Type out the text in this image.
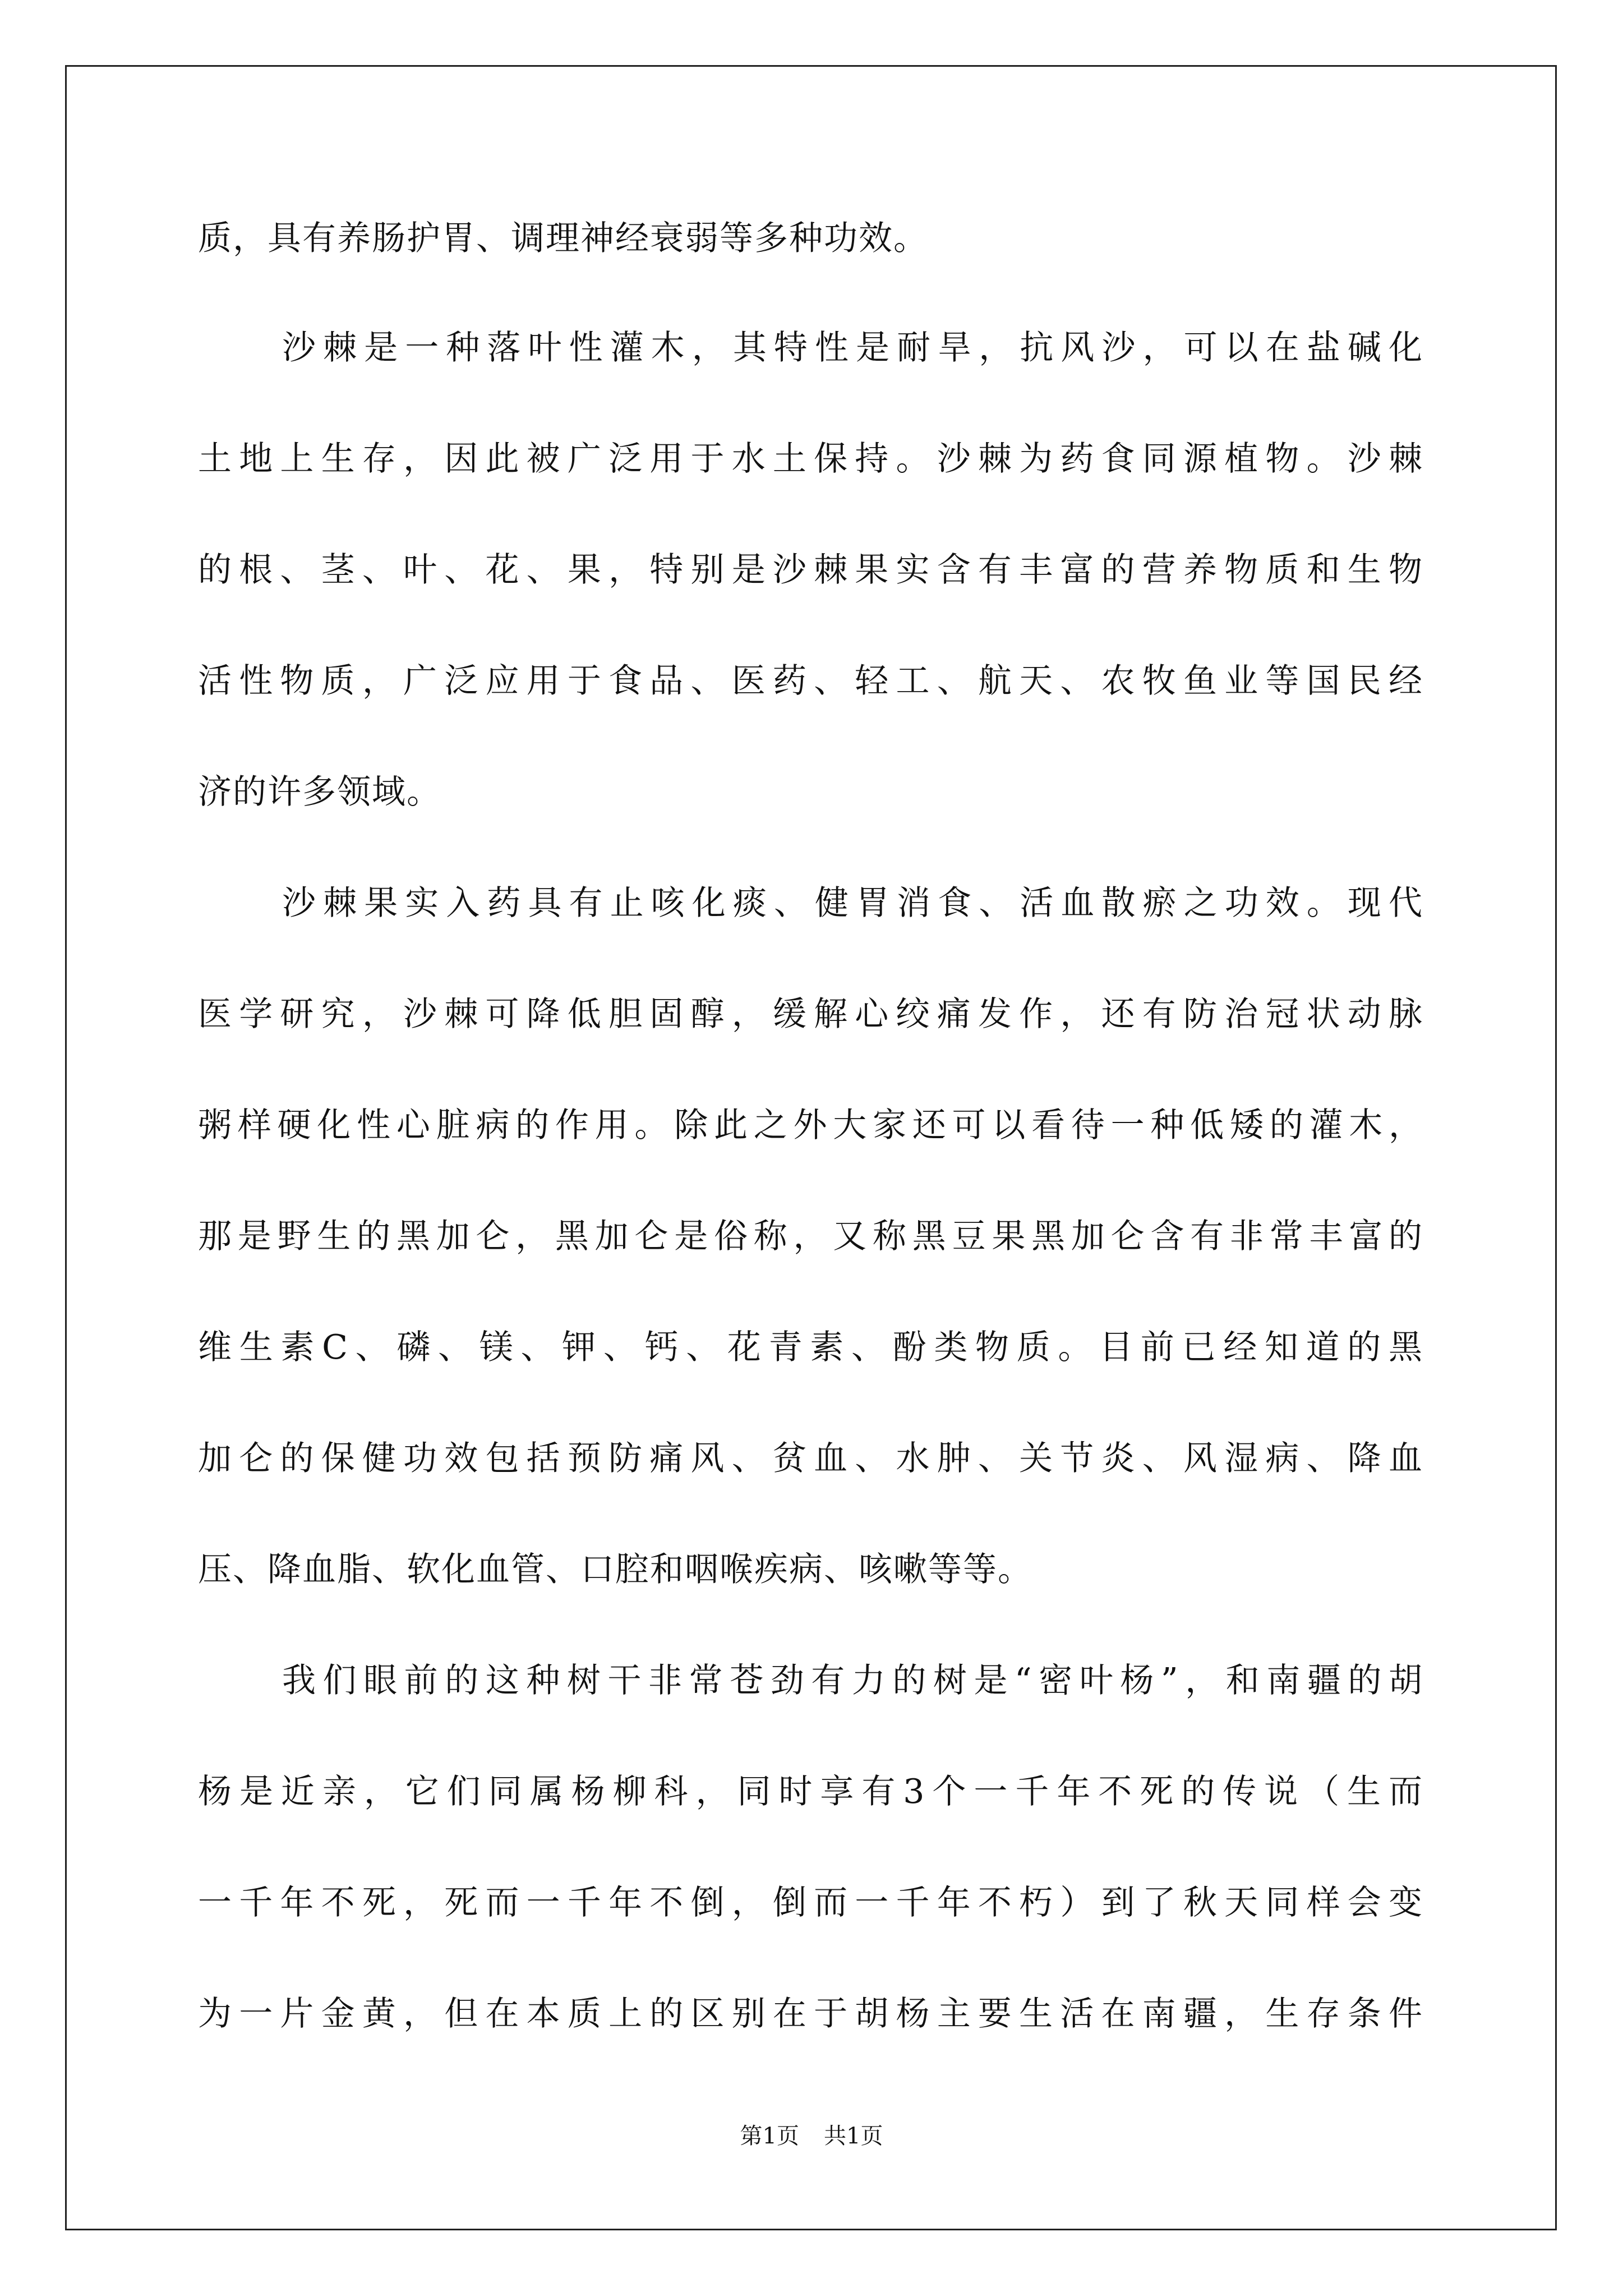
质，具有养肠护胃、调理神经衰弱等多种功效。

沙棘是一种落叶性灌木，其特性是耐旱，抗风沙，可以在盐碱化

土地上生存，因此被广泛用于水土保持。沙棘为药食同源植物。沙棘

的根、茎、叶、花、果，特别是沙棘果实含有丰富的营养物质和生物

活性物质，广泛应用于食品、医药、轻工、航天、农牧鱼业等国民经

济的许多领域。

沙棘果实入药具有止咳化痰、健胃消食、活血散瘀之功效。现代

医学研究，沙棘可降低胆固醇，缓解心绞痛发作，还有防治冠状动脉

粥样硬化性心脏病的作用。除此之外大家还可以看待一种低矮的灌木，

那是野生的黑加仑，黑加仑是俗称，又称黑豆果黑加仑含有非常丰富的

维生素C、磷、镁、钾、钙、花青素、酚类物质。目前已经知道的黑

加仑的保健功效包括预防痛风、贫血、水肿、关节炎、风湿病、降血

压、降血脂、软化血管、口腔和咽喉疾病、咳嗽等等。

我们眼前的这种树干非常苍劲有力的树是“密叶杨”，和南疆的胡

杨是近亲，它们同属杨柳科，同时享有3个一千年不死的传说（生而

一千年不死，死而一千年不倒，倒而一千年不朽）到了秋天同样会变

为一片金黄，但在本质上的区别在于胡杨主要生活在南疆，生存条件

第1页 共1页
